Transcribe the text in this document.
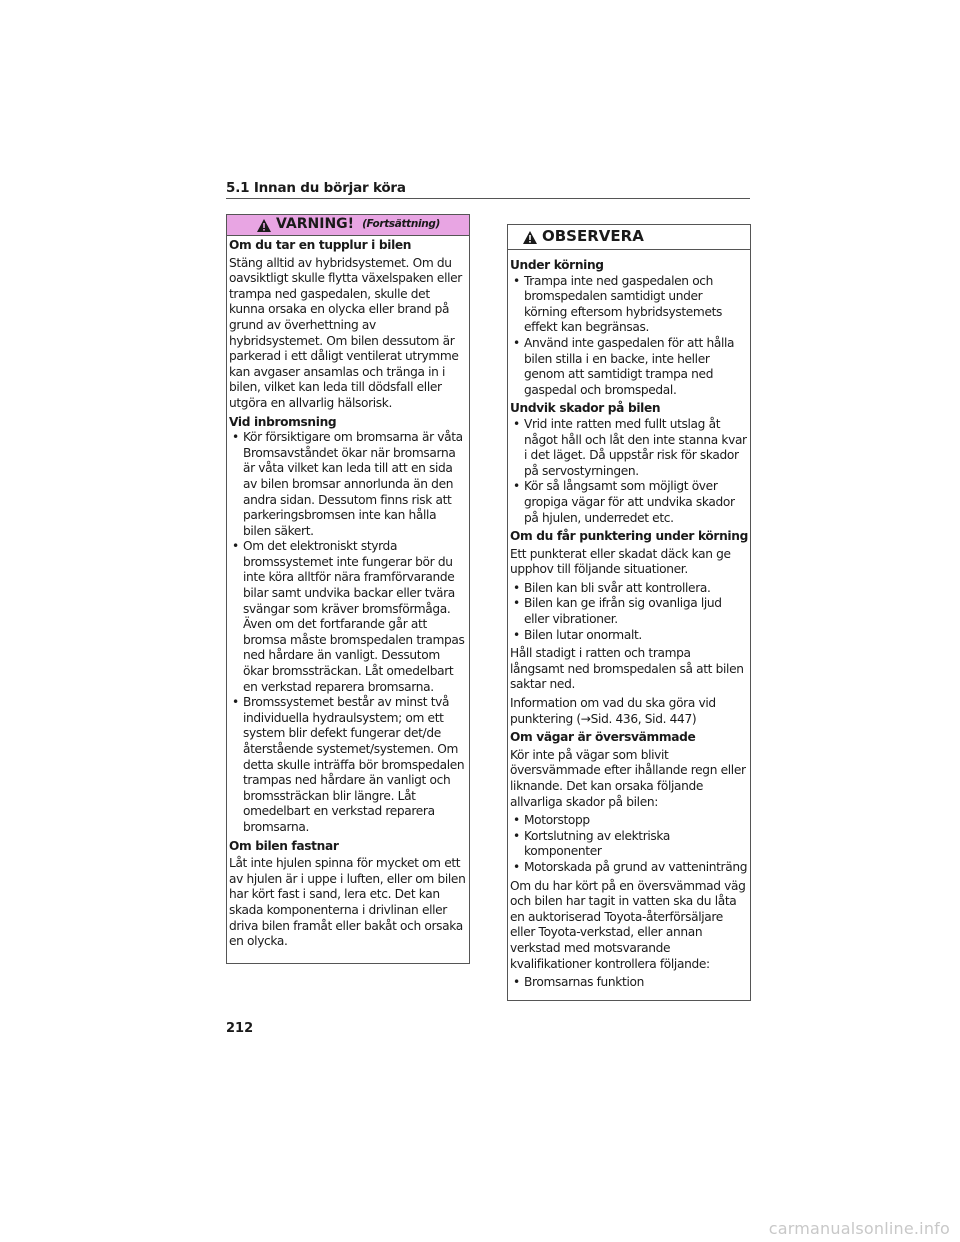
5.1 Innan du börjar köra
VARNING! (Fortsättning)
Om du tar en tupplur i bilen

Stäng alltid av hybridsystemet. Om du oavsiktligt skulle flytta växelspaken eller trampa ned gaspedalen, skulle det kunna orsaka en olycka eller brand på grund av överhettning av hybridsystemet. Om bilen dessutom är parkerad i ett dåligt ventilerat utrymme kan avgaser ansamlas och tränga in i bilen, vilket kan leda till dödsfall eller utgöra en allvarlig hälsorisk.

Vid inbromsning
• Kör försiktigare om bromsarna är våta Bromsavståndet ökar när bromsarna är våta vilket kan leda till att en sida av bilen bromsar annorlunda än den andra sidan. Dessutom finns risk att parkeringsbromsen inte kan hålla bilen säkert.
• Om det elektroniskt styrda bromssystemet inte fungerar bör du inte köra alltför nära framförvarande bilar samt undvika backar eller tvära svängar som kräver bromsförmåga. Även om det fortfarande går att bromsa måste bromspedalen trampas ned hårdare än vanligt. Dessutom ökar bromssträckan. Låt omedelbart en verkstad reparera bromsarna.
• Bromssystemet består av minst två individuella hydraulsystem; om ett system blir defekt fungerar det/de återstående systemet/systemen. Om detta skulle inträffa bör bromspedalen trampas ned hårdare än vanligt och bromssträckan blir längre. Låt omedelbart en verkstad reparera bromsarna.
Om bilen fastnar

Låt inte hjulen spinna för mycket om ett av hjulen är i uppe i luften, eller om bilen har kört fast i sand, lera etc. Det kan skada komponenterna i drivlinan eller driva bilen framåt eller bakåt och orsaka en olycka.

OBSERVERA
Under körning
• Trampa inte ned gaspedalen och bromspedalen samtidigt under körning eftersom hybridsystemets effekt kan begränsas.
• Använd inte gaspedalen för att hålla bilen stilla i en backe, inte heller genom att samtidigt trampa ned gaspedal och bromspedal.
Undvik skador på bilen
• Vrid inte ratten med fullt utslag åt något håll och låt den inte stanna kvar i det läget. Då uppstår risk för skador på servostyrningen.
• Kör så långsamt som möjligt över gropiga vägar för att undvika skador på hjulen, underredet etc.
Om du får punktering under körning

Ett punkterat eller skadat däck kan ge upphov till följande situationer.

• Bilen kan bli svår att kontrollera.
• Bilen kan ge ifrån sig ovanliga ljud eller vibrationer.
• Bilen lutar onormalt.

Håll stadigt i ratten och trampa långsamt ned bromspedalen så att bilen saktar ned.

Information om vad du ska göra vid punktering (→Sid. 436, Sid. 447)

Om vägar är översvämmade

Kör inte på vägar som blivit översvämmade efter ihållande regn eller liknande. Det kan orsaka följande allvarliga skador på bilen:

• Motorstopp
• Kortslutning av elektriska komponenter
• Motorskada på grund av vatteninträng

Om du har kört på en översvämmad väg och bilen har tagit in vatten ska du låta en auktoriserad Toyota-återförsäljare eller Toyota-verkstad, eller annan verkstad med motsvarande kvalifikationer kontrollera följande:

• Bromsarnas funktion
212
carmanualsonline.info
